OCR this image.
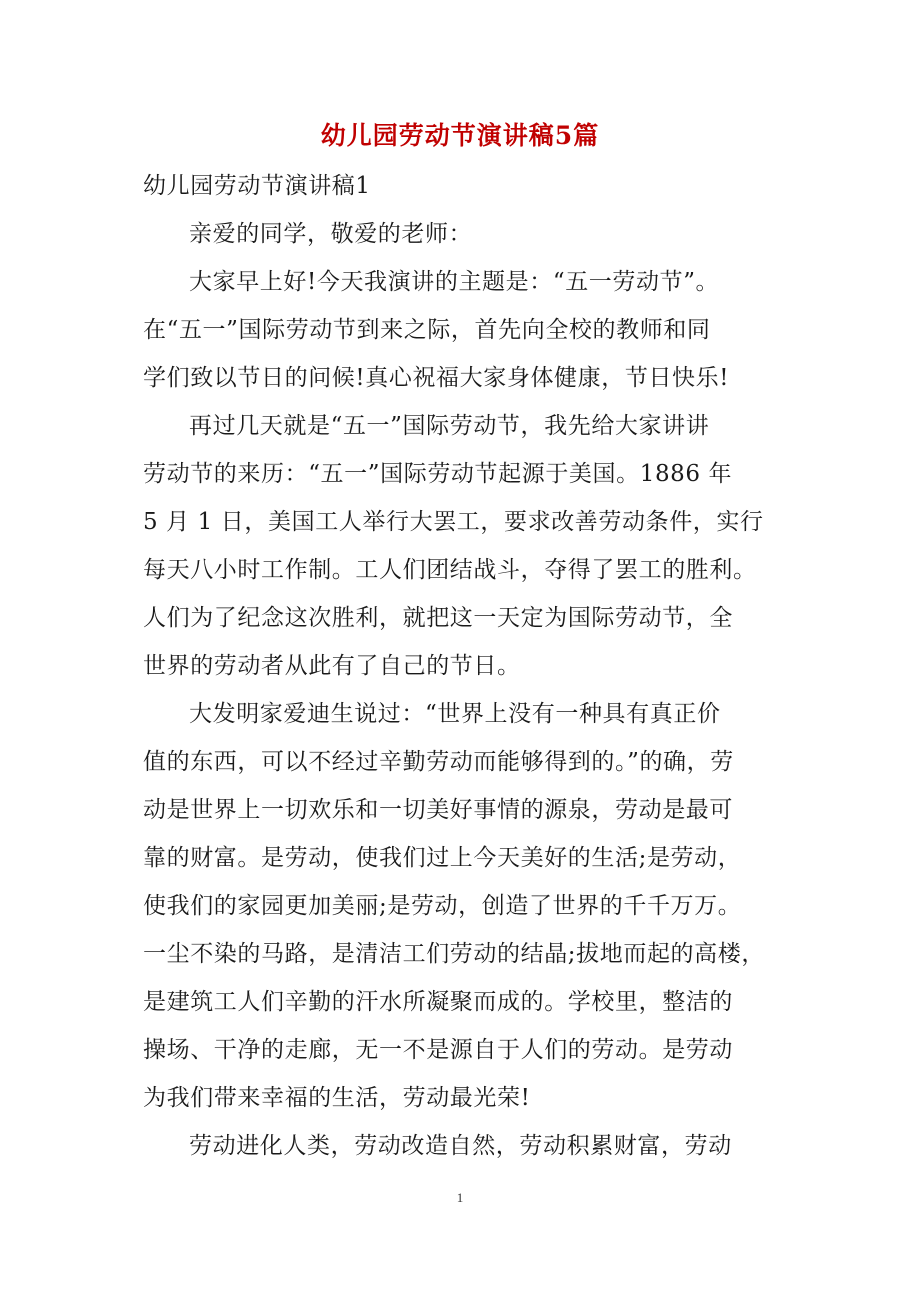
幼儿园劳动节演讲稿5篇
幼儿园劳动节演讲稿1
亲爱的同学，敬爱的老师：
大家早上好!今天我演讲的主题是：“五一劳动节”。
在“五一”国际劳动节到来之际，首先向全校的教师和同
学们致以节日的问候!真心祝福大家身体健康，节日快乐!
再过几天就是“五一”国际劳动节，我先给大家讲讲
劳动节的来历：“五一”国际劳动节起源于美国。1886 年
5 月 1 日，美国工人举行大罢工，要求改善劳动条件，实行
每天八小时工作制。工人们团结战斗，夺得了罢工的胜利。
人们为了纪念这次胜利，就把这一天定为国际劳动节，全
世界的劳动者从此有了自己的节日。
大发明家爱迪生说过：“世界上没有一种具有真正价
值的东西，可以不经过辛勤劳动而能够得到的。”的确，劳
动是世界上一切欢乐和一切美好事情的源泉，劳动是最可
靠的财富。是劳动，使我们过上今天美好的生活;是劳动，
使我们的家园更加美丽;是劳动，创造了世界的千千万万。
一尘不染的马路，是清洁工们劳动的结晶;拔地而起的高楼，
是建筑工人们辛勤的汗水所凝聚而成的。学校里，整洁的
操场、干净的走廊，无一不是源自于人们的劳动。是劳动
为我们带来幸福的生活，劳动最光荣!
劳动进化人类，劳动改造自然，劳动积累财富，劳动
1
